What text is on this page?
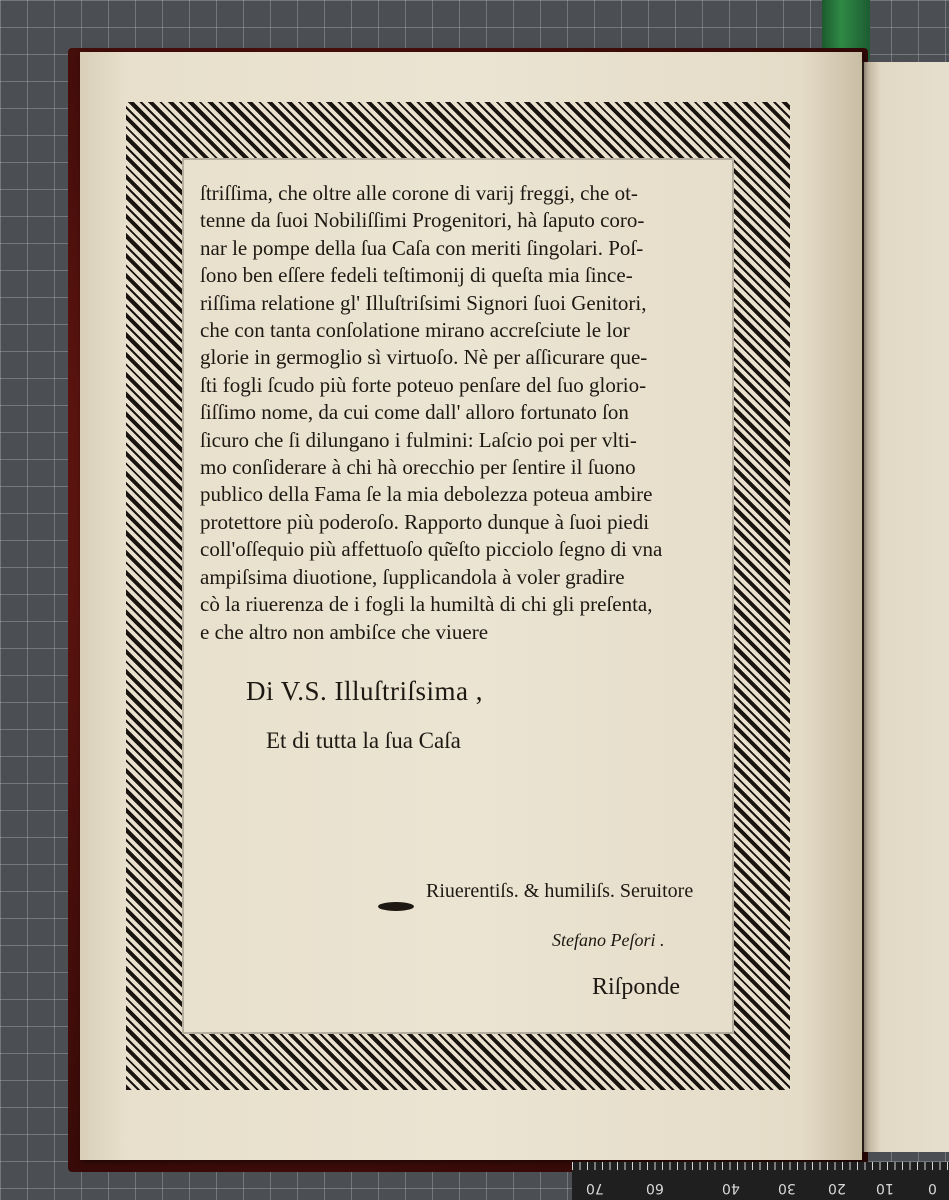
ſtriſſima, che oltre alle corone di varij freggi, che ot-

tenne da ſuoi Nobiliſſimi Progenitori, hà ſaputo coro-

nar le pompe della ſua Caſa con meriti ſingolari. Poſ-

ſono ben eſſere fedeli teſtimonij di queſta mia ſince-

riſſima relatione gl' Illuſtriſsimi Signori ſuoi Genitori,

che con tanta conſolatione mirano accreſciute le lor

glorie in germoglio sì virtuoſo. Nè per aſſicurare que-

ſti fogli ſcudo più forte poteuo penſare del ſuo glorio-

ſiſſimo nome, da cui come dall' alloro fortunato ſon

ſicuro che ſi dilungano i fulmini: Laſcio poi per vlti-

mo conſiderare à chi hà orecchio per ſentire il ſuono

publico della Fama ſe la mia debolezza poteua ambire

protettore più poderoſo. Rapporto dunque à ſuoi piedi

coll'oſſequio più affettuoſo qu͂eſto picciolo ſegno di vna

ampiſsima diuotione, ſupplicandola à voler gradire

cò la riuerenza de i fogli la humiltà di chi gli preſenta,

e che altro non ambiſce che viuere

Di V.S. Illuſtriſsima ,
Et di tutta la ſua Caſa
Riuerentiſs. & humiliſs. Seruitore
Stefano Peſori .
Riſponde
70	60	40	30 20 10 0
